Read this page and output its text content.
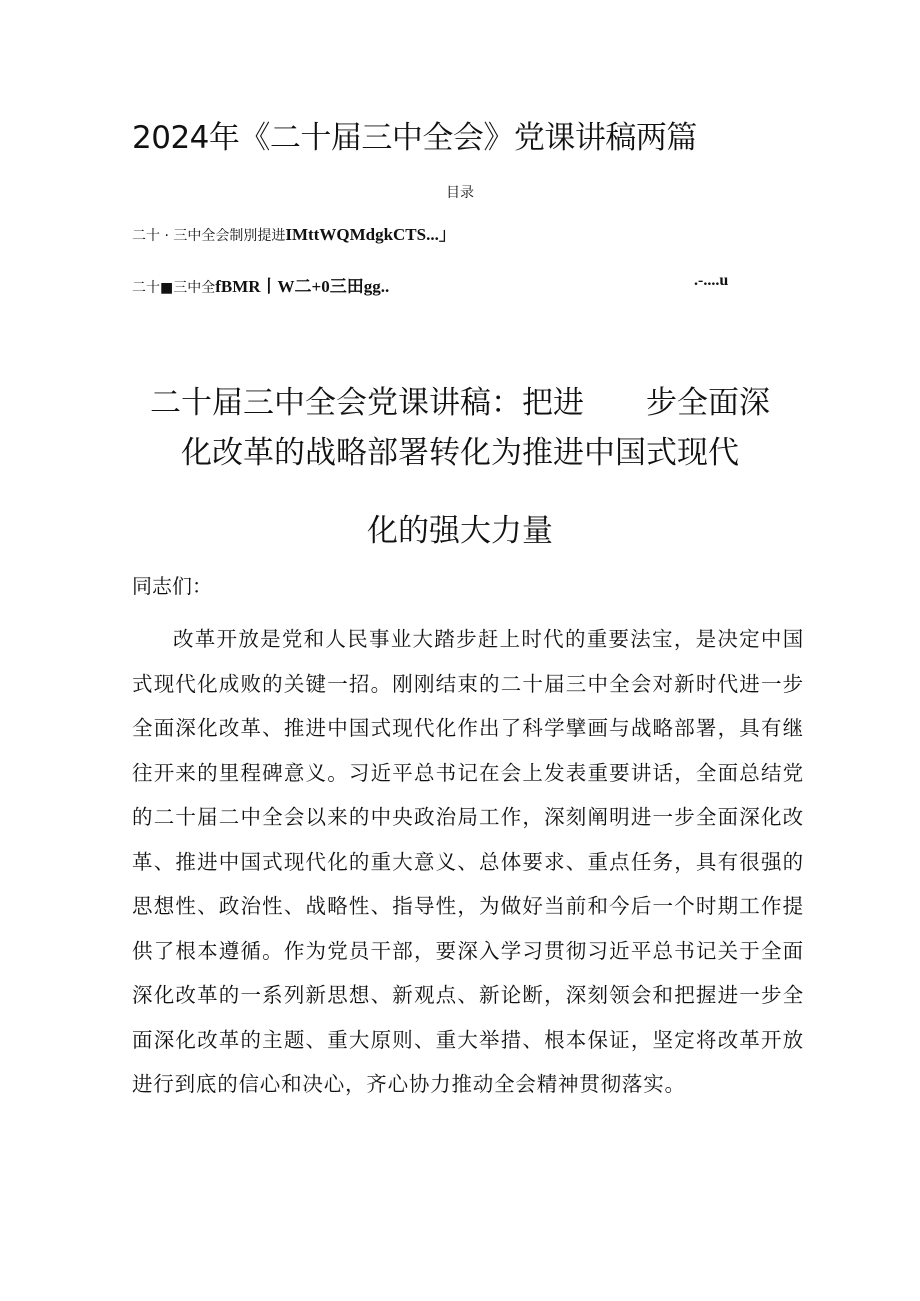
2024年《二十届三中全会》党课讲稿两篇
目录
二十 · 三中全会制別提进IMttWQMdgkCTS...」
二十■三中全fBMR丨W二+0三田gg..	.-....u
二十届三中全会党课讲稿：把进　　步全面深
化改革的战略部署转化为推进中国式现代
化的强大力量
同志们：

改革开放是党和人民事业大踏步赶上时代的重要法宝，是决定中国式现代化成败的关键一招。刚刚结束的二十届三中全会对新时代进一步全面深化改革、推进中国式现代化作出了科学擘画与战略部署，具有继往开来的里程碑意义。习近平总书记在会上发表重要讲话，全面总结党的二十届二中全会以来的中央政治局工作，深刻阐明进一步全面深化改革、推进中国式现代化的重大意义、总体要求、重点任务，具有很强的思想性、政治性、战略性、指导性，为做好当前和今后一个时期工作提供了根本遵循。作为党员干部，要深入学习贯彻习近平总书记关于全面深化改革的一系列新思想、新观点、新论断，深刻领会和把握进一步全面深化改革的主题、重大原则、重大举措、根本保证，坚定将改革开放进行到底的信心和决心，齐心协力推动全会精神贯彻落实。
